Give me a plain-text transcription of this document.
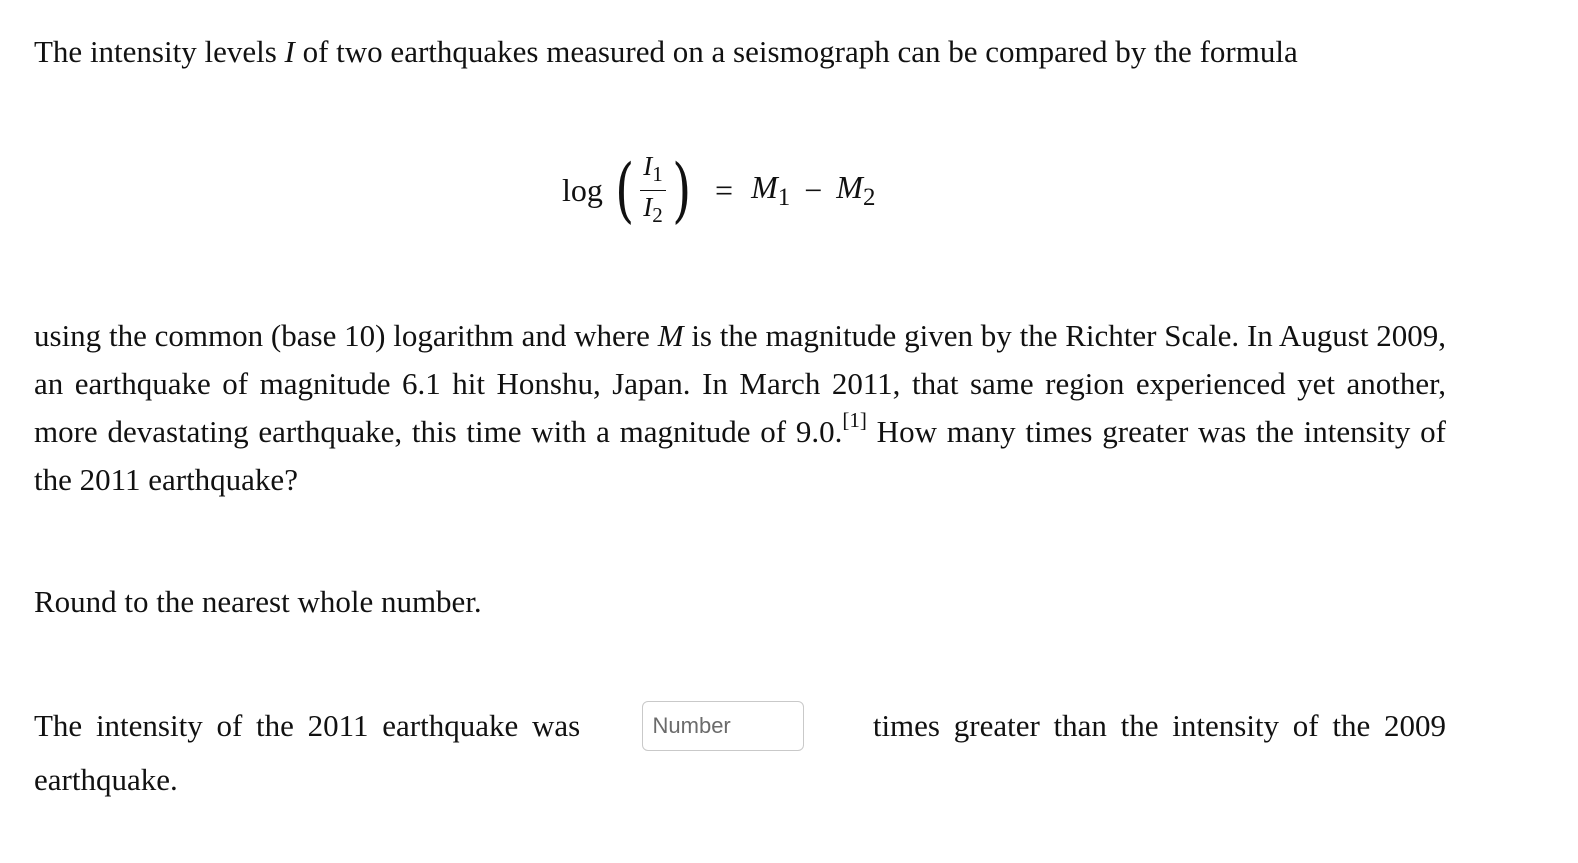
The intensity levels I of two earthquakes measured on a seismograph can be compared by the formula

log ( $\frac{I_1}{I_2}$ ) = $M_1 - M_2$

using the common (base 10) logarithm and where M is the magnitude given by the Richter Scale. In August 2009, an earthquake of magnitude 6.1 hit Honshu, Japan. In March 2011, that same region experienced yet another, more devastating earthquake, this time with a magnitude of 9.0.[1] How many times greater was the intensity of the 2011 earthquake?

Round to the nearest whole number.

The intensity of the 2011 earthquake was
Number	times greater than the intensity of the 2009
earthquake.
